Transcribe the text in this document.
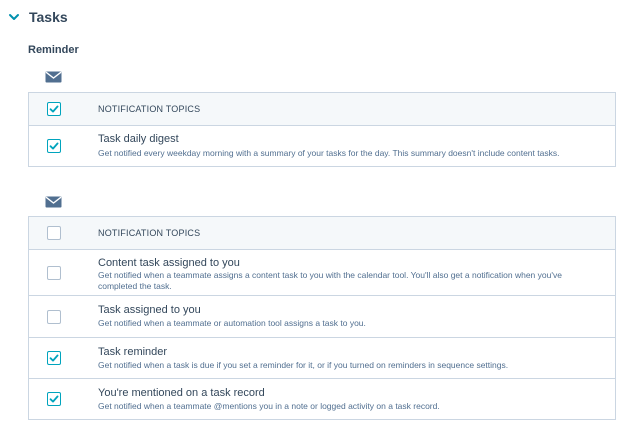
Tasks
Reminder
NOTIFICATION TOPICS
Task daily digest
Get notified every weekday morning with a summary of your tasks for the day. This summary doesn't include content tasks.
NOTIFICATION TOPICS
Content task assigned to you
Get notified when a teammate assigns a content task to you with the calendar tool. You'll also get a notification when you've completed the task.
Task assigned to you
Get notified when a teammate or automation tool assigns a task to you.
Task reminder
Get notified when a task is due if you set a reminder for it, or if you turned on reminders in sequence settings.
You're mentioned on a task record
Get notified when a teammate @mentions you in a note or logged activity on a task record.
